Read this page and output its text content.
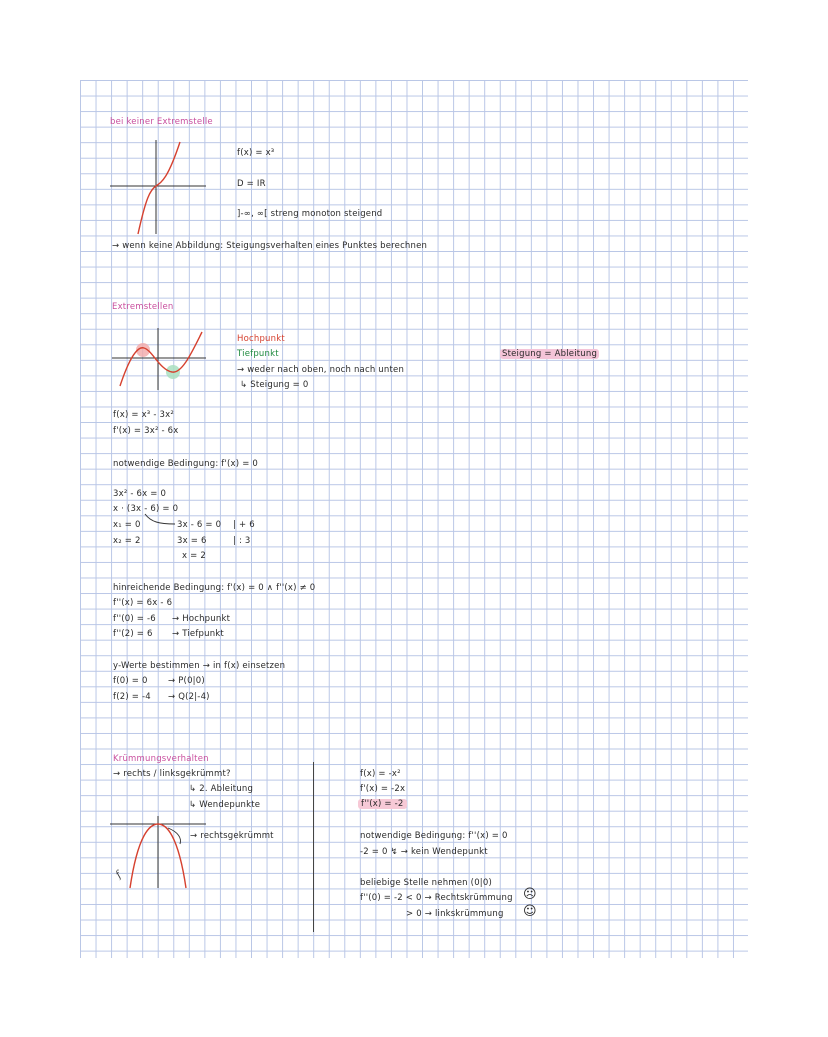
bei keiner Extremstelle
f(x) = x³
D = IR
]-∞, ∞[ streng monoton steigend
→ wenn keine Abbildung: Steigungsverhalten eines Punktes berechnen
Extremstellen
Hochpunkt
Tiefpunkt
→ weder nach oben, noch nach unten
↳ Steigung = 0
Steigung = Ableitung
f(x) = x³ - 3x²
f'(x) = 3x² - 6x
notwendige Bedingung: f'(x) = 0
3x² - 6x = 0
x · (3x - 6) = 0
x₁ = 0
x₂ = 2
3x - 6 = 0 | + 6
3x = 6	| : 3
x = 2
hinreichende Bedingung: f'(x) = 0 ∧ f''(x) ≠ 0
f''(x) = 6x - 6
f''(0) = -6 → Hochpunkt
f''(2) = 6 → Tiefpunkt
y-Werte bestimmen → in f(x) einsetzen
f(0) = 0 → P(0|0)
f(2) = -4 → Q(2|-4)
Krümmungsverhalten
→ rechts / linksgekrümmt?
↳ 2. Ableitung
↳ Wendepunkte
f
→ rechtsgekrümmt
f(x) = -x²
f'(x) = -2x
f''(x) = -2
notwendige Bedingung: f''(x) = 0
-2 = 0 ↯ → kein Wendepunkt
beliebige Stelle nehmen (0|0)
f''(0) = -2 < 0 → Rechtskrümmung
> 0 → linkskrümmung
☹
☺
